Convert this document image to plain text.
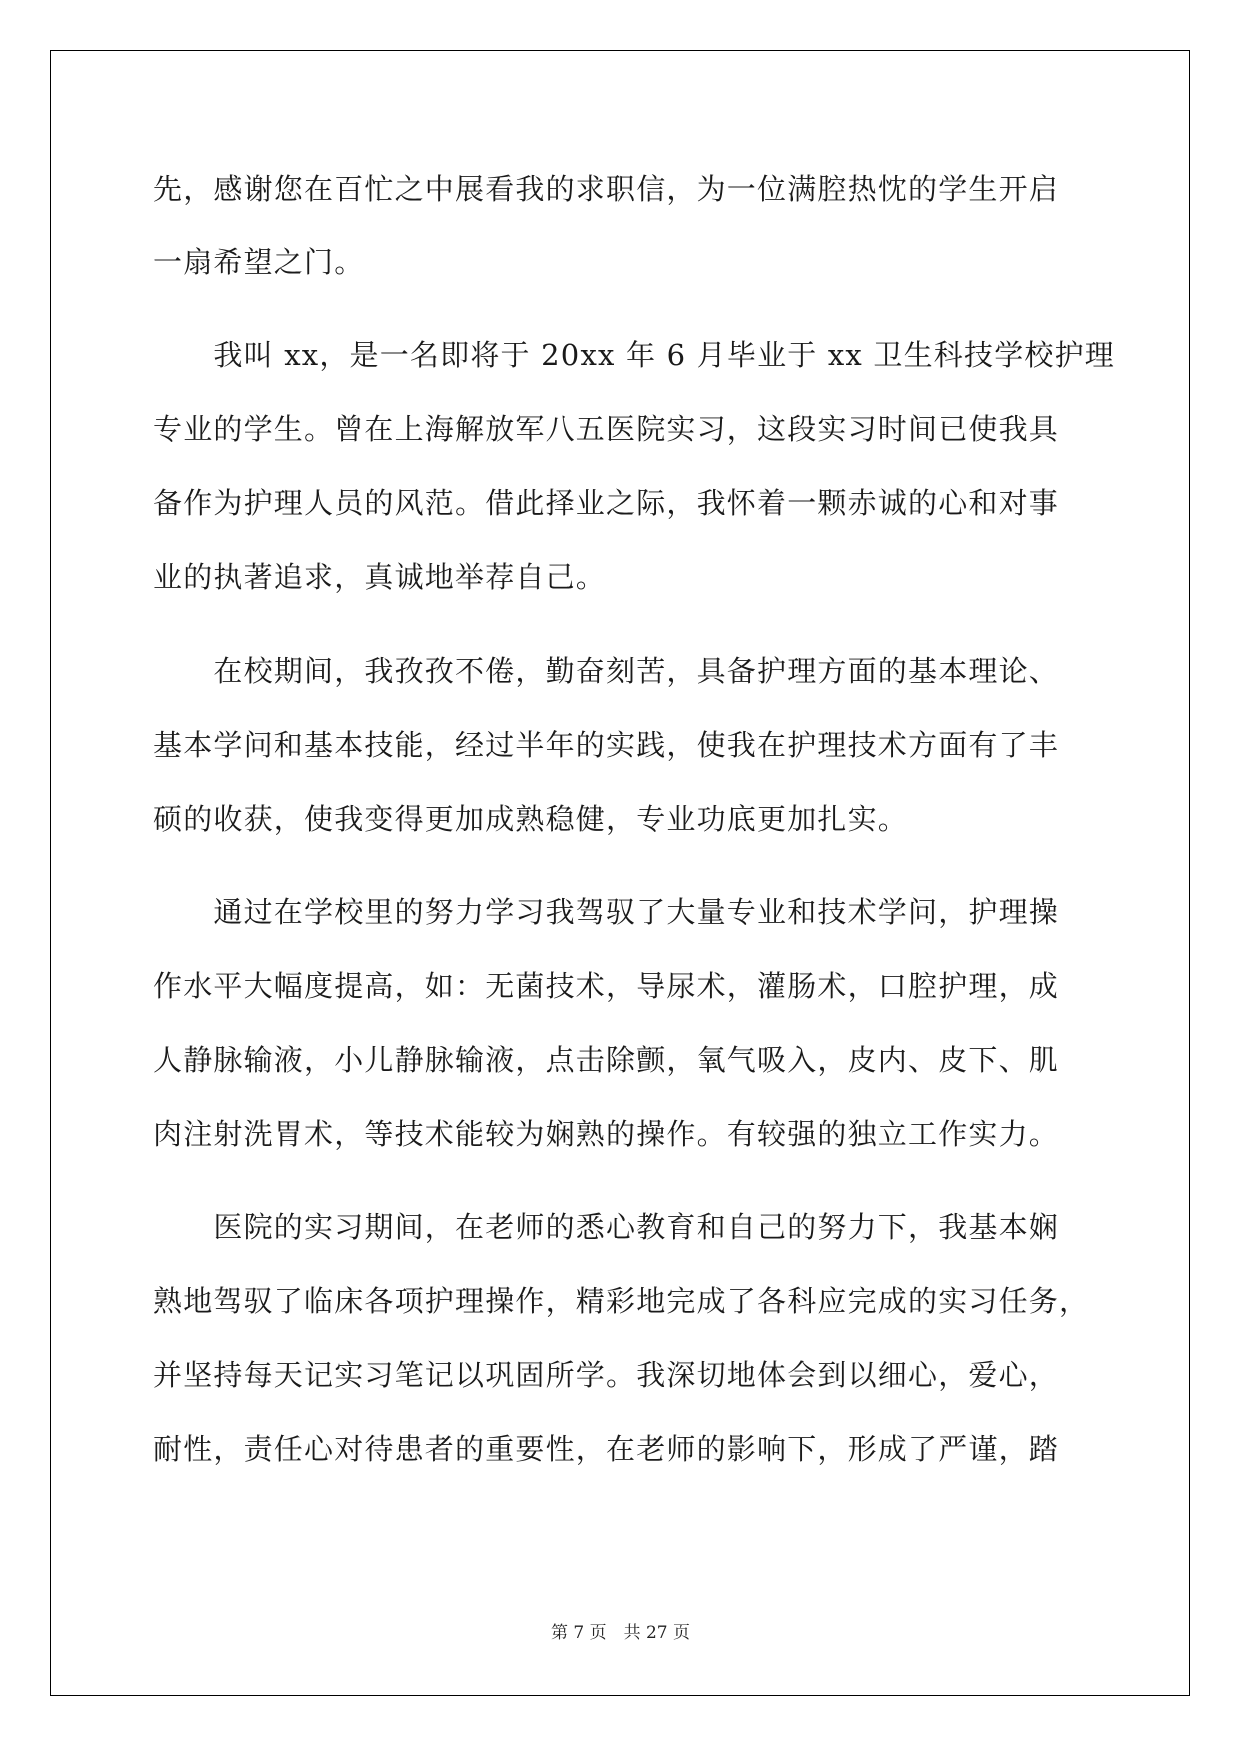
先，感谢您在百忙之中展看我的求职信，为一位满腔热忱的学生开启
一扇希望之门。
　　我叫 xx，是一名即将于 20xx 年 6 月毕业于 xx 卫生科技学校护理
专业的学生。曾在上海解放军八五医院实习，这段实习时间已使我具
备作为护理人员的风范。借此择业之际，我怀着一颗赤诚的心和对事
业的执著追求，真诚地举荐自己。
　　在校期间，我孜孜不倦，勤奋刻苦，具备护理方面的基本理论、
基本学问和基本技能，经过半年的实践，使我在护理技术方面有了丰
硕的收获，使我变得更加成熟稳健，专业功底更加扎实。
　　通过在学校里的努力学习我驾驭了大量专业和技术学问，护理操
作水平大幅度提高，如：无菌技术，导尿术，灌肠术，口腔护理，成
人静脉输液，小儿静脉输液，点击除颤，氧气吸入，皮内、皮下、肌
肉注射洗胃术，等技术能较为娴熟的操作。有较强的独立工作实力。
　　医院的实习期间，在老师的悉心教育和自己的努力下，我基本娴
熟地驾驭了临床各项护理操作，精彩地完成了各科应完成的实习任务，
并坚持每天记实习笔记以巩固所学。我深切地体会到以细心，爱心，
耐性，责任心对待患者的重要性，在老师的影响下，形成了严谨，踏
第 7 页　共 27 页
